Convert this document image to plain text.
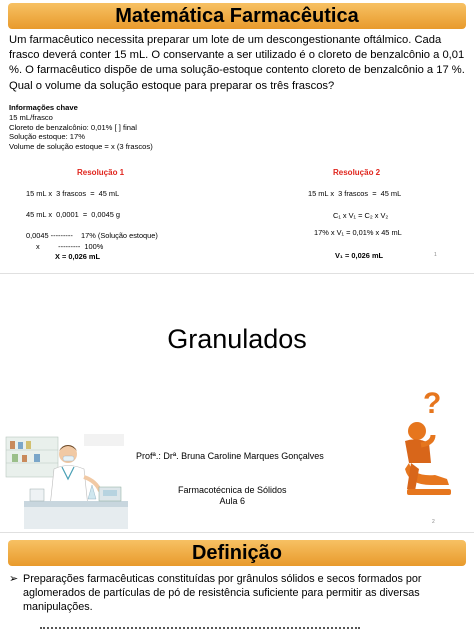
Matemática Farmacêutica
Um farmacêutico necessita preparar um lote de um descongestionante oftálmico. Cada frasco deverá conter 15 mL. O conservante a ser utilizado é o cloreto de benzalcônio a 0,01 %. O farmacêutico dispõe de uma solução-estoque contento cloreto de benzalcônio a 17 %. Qual o volume da solução estoque para preparar os três frascos?
Informações chave
15 mL/frasco
Cloreto de benzalcônio: 0,01% [ ] final
Solução estoque: 17%
Volume de solução estoque = x (3 frascos)
Resolução 1
15 mL x  3 frascos  =  45 mL
45 mL x  0,0001  =  0,0045 g
0,0045 ---------    17% (Solução estoque)
x         ---------  100%
X = 0,026 mL
Resolução 2
15 mL x  3 frascos  =  45 mL
C₁ x V₁ = C₂ x V₂
17% x V₁ = 0,01% x 45 mL
V₁ = 0,026 mL	1
Granulados
Profª.: Drª. Bruna Caroline Marques Gonçalves
Farmacotécnica de Sólidos
Aula 6
?
2
Definição
➢ Preparações farmacêuticas constituídas por grânulos sólidos e secos formados por aglomerados de partículas de pó de resistência suficiente para permitir as diversas manipulações.
